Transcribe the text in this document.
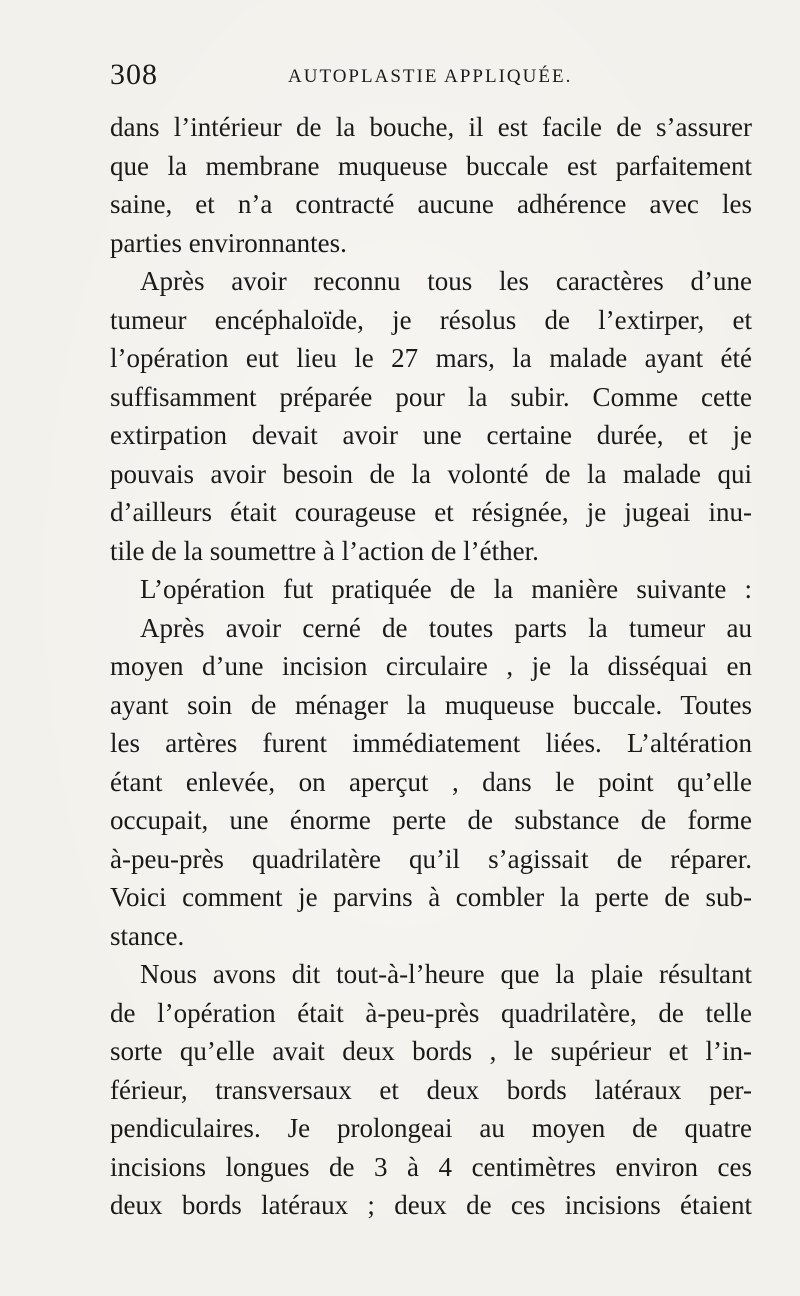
308	AUTOPLASTIE APPLIQUÉE.
dans l’intérieur de la bouche, il est facile de s’assurer
que la membrane muqueuse buccale est parfaitement
saine, et n’a contracté aucune adhérence avec les
parties environnantes.
Après avoir reconnu tous les caractères d’une
tumeur encéphaloïde, je résolus de l’extirper, et
l’opération eut lieu le 27 mars, la malade ayant été
suffisamment préparée pour la subir. Comme cette
extirpation devait avoir une certaine durée, et je
pouvais avoir besoin de la volonté de la malade qui
d’ailleurs était courageuse et résignée, je jugeai inu-
tile de la soumettre à l’action de l’éther.
L’opération fut pratiquée de la manière suivante :
Après avoir cerné de toutes parts la tumeur au
moyen d’une incision circulaire , je la disséquai en
ayant soin de ménager la muqueuse buccale. Toutes
les artères furent immédiatement liées. L’altération
étant enlevée, on aperçut , dans le point qu’elle
occupait, une énorme perte de substance de forme
à-peu-près quadrilatère qu’il s’agissait de réparer.
Voici comment je parvins à combler la perte de sub-
stance.
Nous avons dit tout-à-l’heure que la plaie résultant
de l’opération était à-peu-près quadrilatère, de telle
sorte qu’elle avait deux bords , le supérieur et l’in-
férieur, transversaux et deux bords latéraux per-
pendiculaires. Je prolongeai au moyen de quatre
incisions longues de 3 à 4 centimètres environ ces
deux bords latéraux ; deux de ces incisions étaient
